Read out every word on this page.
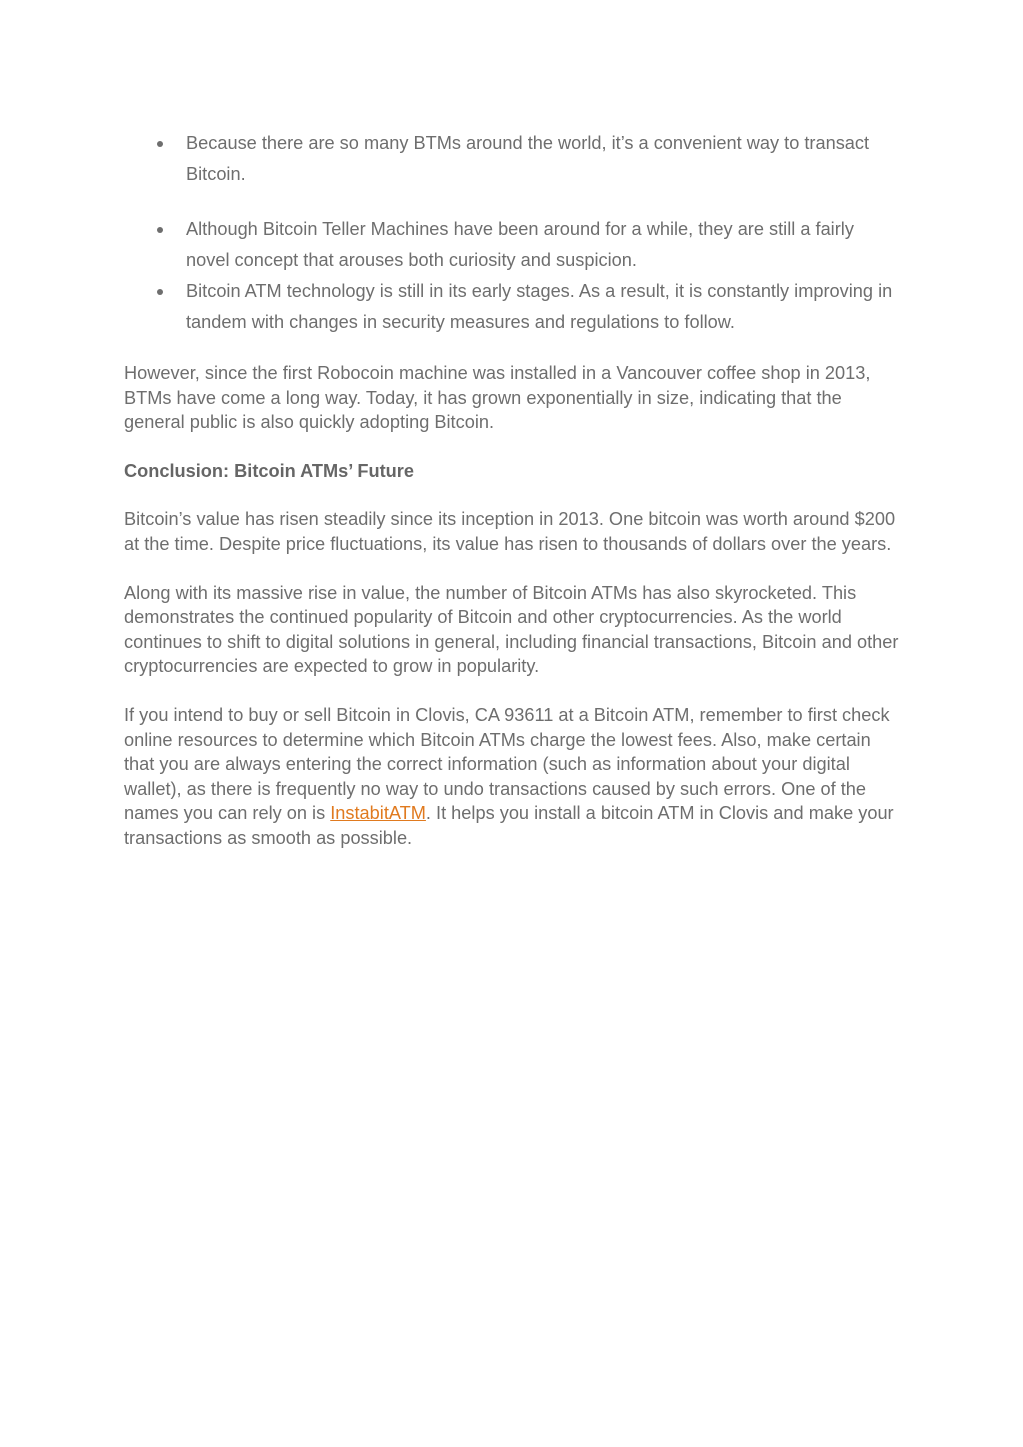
Because there are so many BTMs around the world, it’s a convenient way to transact Bitcoin.
Although Bitcoin Teller Machines have been around for a while, they are still a fairly novel concept that arouses both curiosity and suspicion.
Bitcoin ATM technology is still in its early stages. As a result, it is constantly improving in tandem with changes in security measures and regulations to follow.

However, since the first Robocoin machine was installed in a Vancouver coffee shop in 2013, BTMs have come a long way. Today, it has grown exponentially in size, indicating that the general public is also quickly adopting Bitcoin.

Conclusion: Bitcoin ATMs’ Future

Bitcoin’s value has risen steadily since its inception in 2013. One bitcoin was worth around $200 at the time. Despite price fluctuations, its value has risen to thousands of dollars over the years.

Along with its massive rise in value, the number of Bitcoin ATMs has also skyrocketed. This demonstrates the continued popularity of Bitcoin and other cryptocurrencies. As the world continues to shift to digital solutions in general, including financial transactions, Bitcoin and other cryptocurrencies are expected to grow in popularity.

If you intend to buy or sell Bitcoin in Clovis, CA 93611 at a Bitcoin ATM, remember to first check online resources to determine which Bitcoin ATMs charge the lowest fees. Also, make certain that you are always entering the correct information (such as information about your digital wallet), as there is frequently no way to undo transactions caused by such errors. One of the names you can rely on is InstabitATM. It helps you install a bitcoin ATM in Clovis and make your transactions as smooth as possible.
